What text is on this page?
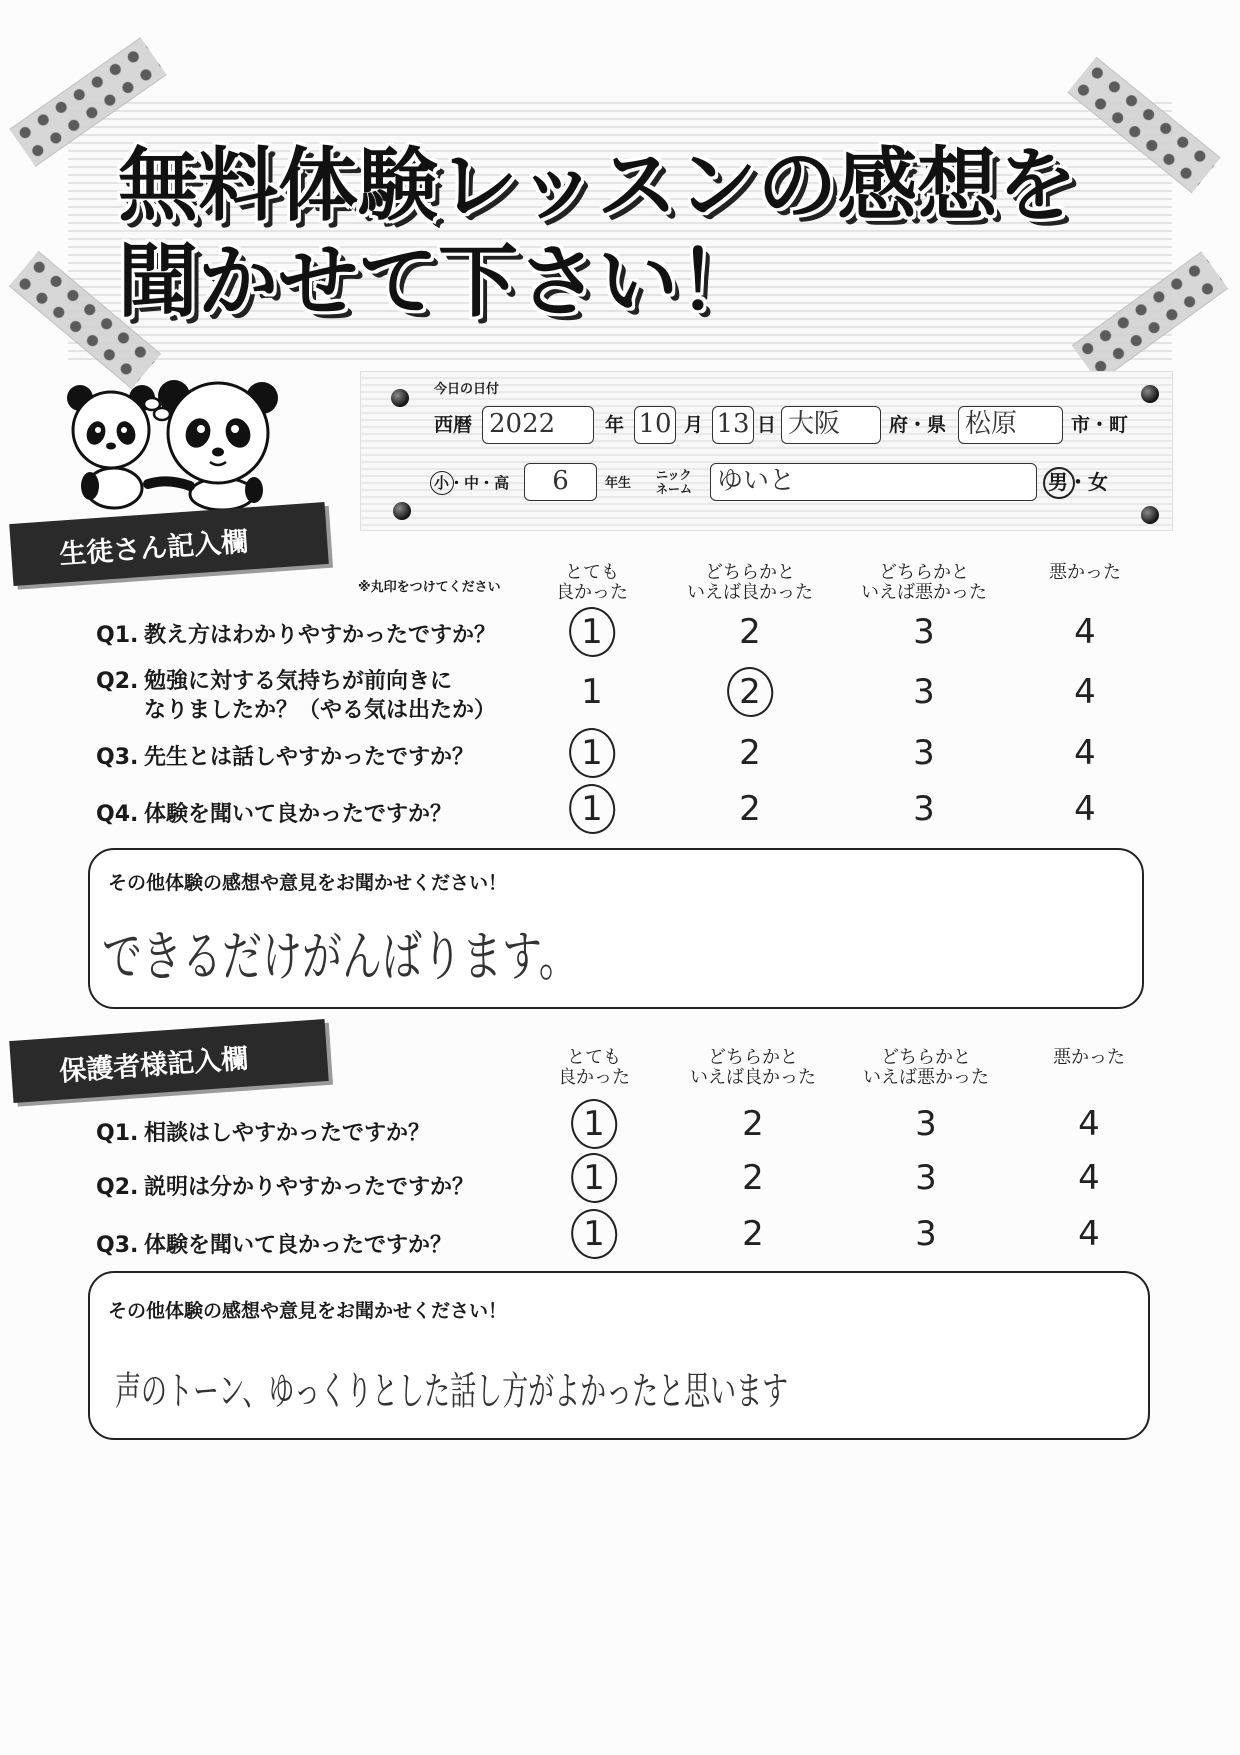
無料体験レッスンの感想を
聞かせて下さい！
今日の日付
西暦 2022	年 10 月 13 日 大阪	府・県 松原	市・町
小・中・高	6	年生
ニック
ネーム ゆいと	男・女
生徒さん記入欄
※丸印をつけてください
とても
良かった
どちらかと
いえば良かった
どちらかと
いえば悪かった
悪かった
Q1. 教え方はわかりやすかったですか？	1	2	3	4
Q2. 勉強に対する気持ちが前向きに
なりましたか？（やる気は出たか）	1	2	3	4
Q3. 先生とは話しやすかったですか？	1	2	3	4
Q4. 体験を聞いて良かったですか？	1	2	3	4
その他体験の感想や意見をお聞かせください！
できるだけがんばります。
保護者様記入欄	とても
良かった
どちらかと
いえば良かった
どちらかと
いえば悪かった
悪かった
Q1. 相談はしやすかったですか？	1	2	3	4
Q2. 説明は分かりやすかったですか？	1	2	3	4
Q3. 体験を聞いて良かったですか？	1	2	3	4
その他体験の感想や意見をお聞かせください！
声のトーン、ゆっくりとした話し方がよかったと思います
